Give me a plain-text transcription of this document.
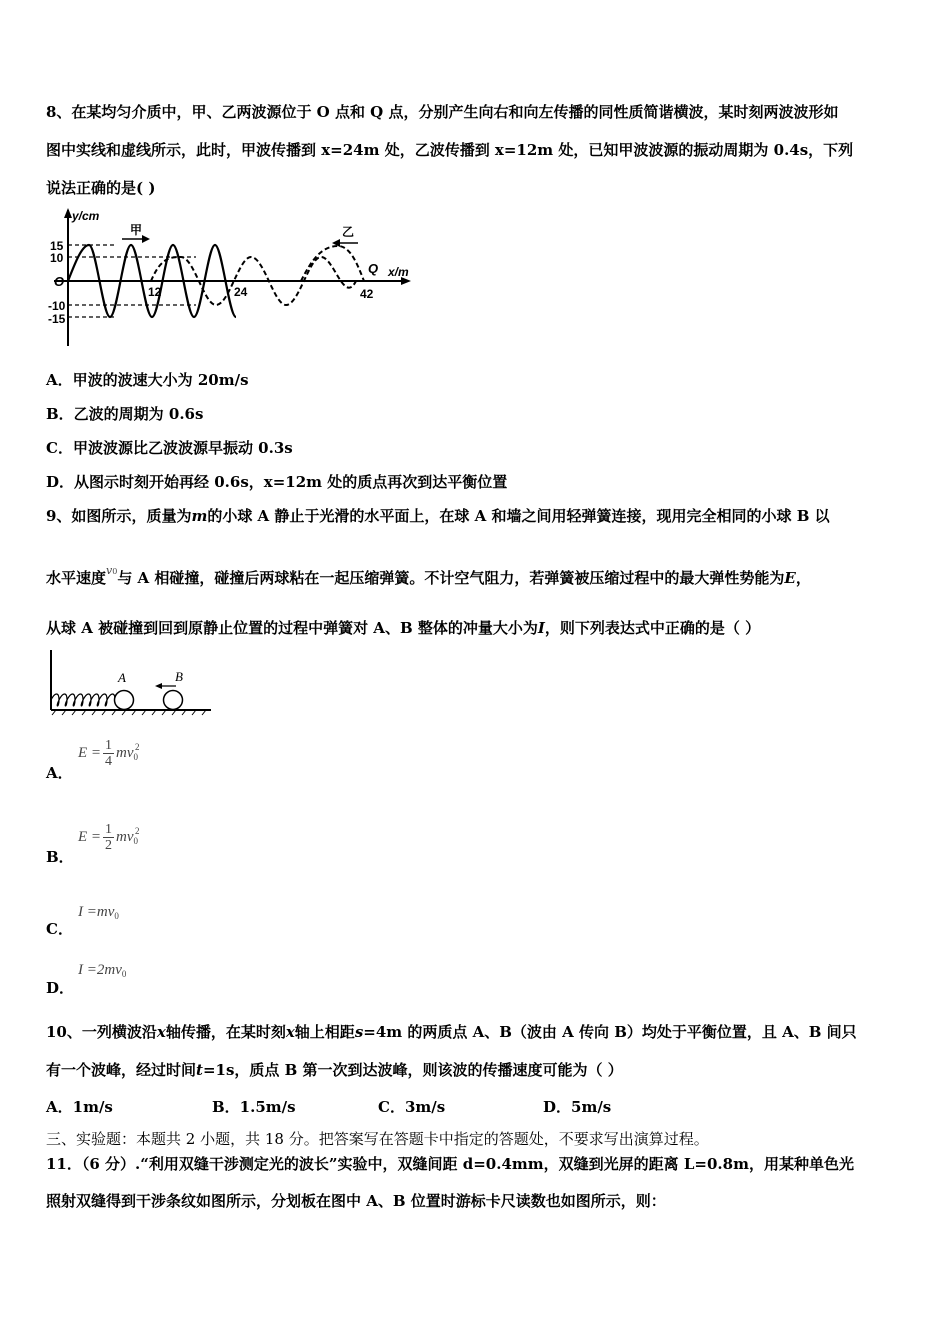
8、在某均匀介质中，甲、乙两波源位于 O 点和 Q 点，分别产生向右和向左传播的同性质简谐横波，某时刻两波波形如
图中实线和虚线所示，此时，甲波传播到 x=24m 处，乙波传播到 x=12m 处，已知甲波波源的振动周期为 0.4s，下列
说法正确的是( )
y/cm
x/m
15
10
O
-10
-15
12	24	42
甲	乙
Q
A．甲波的波速大小为 20m/s
B．乙波的周期为 0.6s
C．甲波波源比乙波波源早振动 0.3s
D．从图示时刻开始再经 0.6s，x=12m 处的质点再次到达平衡位置
9、如图所示，质量为m的小球 A 静止于光滑的水平面上，在球 A 和墙之间用轻弹簧连接，现用完全相同的小球 B 以
水平速度$^{v0}$与 A 相碰撞，碰撞后两球粘在一起压缩弹簧。不计空气阻力，若弹簧被压缩过程中的最大弹性势能为E，
从球 A 被碰撞到回到原静止位置的过程中弹簧对 A、B 整体的冲量大小为I，则下列表达式中正确的是（ ）
A	B
A．
$E = \frac{1}{4} mv_0^2$
B．
$E = \frac{1}{2} mv_0^2$
C．
$I =mv_0$
D．
$I =2mv_0$
10、一列横波沿x轴传播，在某时刻x轴上相距s=4m 的两质点 A、B（波由 A 传向 B）均处于平衡位置，且 A、B 间只
有一个波峰，经过时间t=1s，质点 B 第一次到达波峰，则该波的传播速度可能为（ ）
A．1m/s	B．1.5m/s	C．3m/s	D．5m/s
三、实验题：本题共 2 小题，共 18 分。把答案写在答题卡中指定的答题处，不要求写出演算过程。
11．（6 分）.“利用双缝干涉测定光的波长”实验中，双缝间距 d=0.4mm，双缝到光屏的距离 L=0.8m，用某种单色光
照射双缝得到干涉条纹如图所示，分划板在图中 A、B 位置时游标卡尺读数也如图所示，则：
